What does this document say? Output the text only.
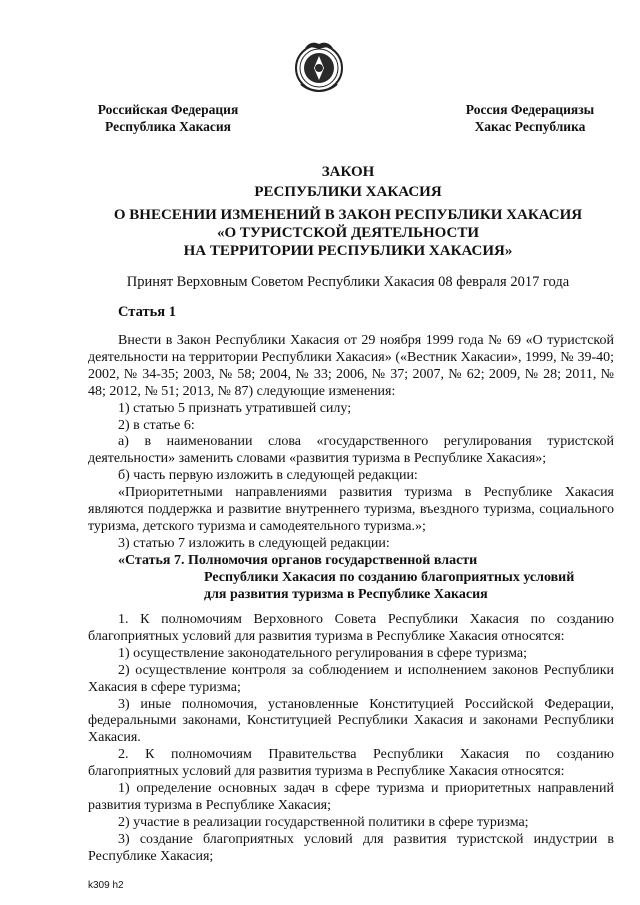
Российская Федерация
Республика Хакасия
Россия Федерациязы
Хакас Республика
ЗАКОН
РЕСПУБЛИКИ ХАКАСИЯ
О ВНЕСЕНИИ ИЗМЕНЕНИЙ В ЗАКОН РЕСПУБЛИКИ ХАКАСИЯ
«О ТУРИСТСКОЙ ДЕЯТЕЛЬНОСТИ
НА ТЕРРИТОРИИ РЕСПУБЛИКИ ХАКАСИЯ»
Принят Верховным Советом Республики Хакасия 08 февраля 2017 года
Статья 1

Внести в Закон Республики Хакасия от 29 ноября 1999 года № 69 «О туристской деятельности на территории Республики Хакасия» («Вестник Хакасии», 1999, № 39-40; 2002, № 34-35; 2003, № 58; 2004, № 33; 2006, № 37; 2007, № 62; 2009, № 28; 2011, № 48; 2012, № 51; 2013, № 87) следующие изменения:

1) статью 5 признать утратившей силу;

2) в статье 6:

а) в наименовании слова «государственного регулирования туристской деятельности» заменить словами «развития туризма в Республике Хакасия»;

б) часть первую изложить в следующей редакции:

«Приоритетными направлениями развития туризма в Республике Хакасия являются поддержка и развитие внутреннего туризма, въездного туризма, социального туризма, детского туризма и самодеятельного туризма.»;

3) статью 7 изложить в следующей редакции:

«Статья 7. Полномочия органов государственной власти

Республики Хакасия по созданию благоприятных условий

для развития туризма в Республике Хакасия

1. К полномочиям Верховного Совета Республики Хакасия по созданию благоприятных условий для развития туризма в Республике Хакасия относятся:

1) осуществление законодательного регулирования в сфере туризма;

2) осуществление контроля за соблюдением и исполнением законов Республики Хакасия в сфере туризма;

3) иные полномочия, установленные Конституцией Российской Федерации, федеральными законами, Конституцией Республики Хакасия и законами Республики Хакасия.

2. К полномочиям Правительства Республики Хакасия по созданию благоприятных условий для развития туризма в Республике Хакасия относятся:

1) определение основных задач в сфере туризма и приоритетных направлений развития туризма в Республике Хакасия;

2) участие в реализации государственной политики в сфере туризма;

3) создание благоприятных условий для развития туристской индустрии в Республике Хакасия;

k309 h2
